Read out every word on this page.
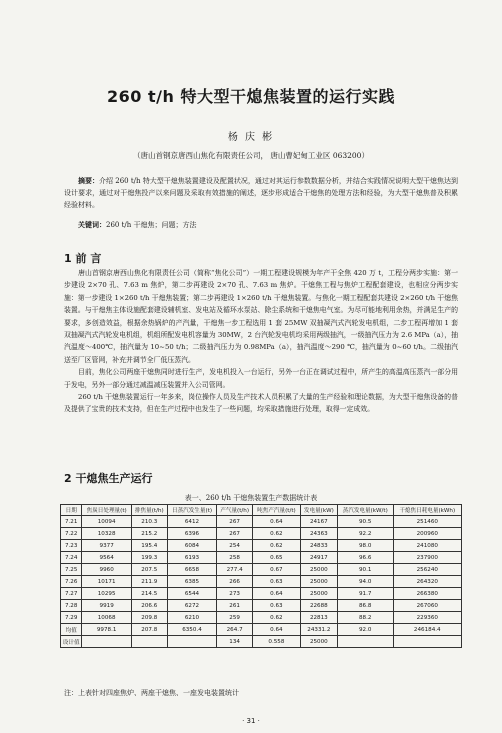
260 t/h 特大型干熄焦装置的运行实践
杨 庆 彬
（唐山首钢京唐西山焦化有限责任公司， 唐山曹妃甸工业区 063200）
摘要：介绍 260 t/h 特大型干熄焦装置建设及配置状况，通过对其运行参数数据分析，并结合实践情况说明大型干熄焦达到设计要求，通过对干熄焦投产以来问题及采取有效措施的阐述，逐步形成适合干熄焦的处理方法和经验，为大型干熄焦普及积累经验材料。
关键词：260 t/h 干熄焦；问题；方法
1 前 言

唐山首钢京唐西山焦化有限责任公司（简称“焦化公司”）一期工程建设规模为年产干全焦 420 万 t，工程分两步实施：第一步建设 2×70 孔、7.63 m 焦炉，第二步再建设 2×70 孔、7.63 m 焦炉。干熄焦工程与焦炉工程配套建设，也相应分两步实施：第一步建设 1×260 t/h 干熄焦装置；第二步再建设 1×260 t/h 干熄焦装置。与焦化一期工程配套共建设 2×260 t/h 干熄焦装置。与干熄焦主体设施配套建设辅机室、发电站及循环水泵站、除尘系统和干熄焦电气室。为尽可能地利用余热，并满足生产的要求，多创造效益，根据余热锅炉的产汽量，干熄焦一步工程选用 1 套 25MW 双抽凝汽式汽轮发电机组，二步工程再增加 1 套双抽凝汽式汽轮发电机组，机组所配发电机容量为 30MW，2 台汽轮发电机均采用两级抽汽，一级抽汽压力为 2.6 MPa（a），抽汽温度～400℃，抽汽量为 10~50 t/h；二级抽汽压力为 0.98MPa（a），抽汽温度～290 ℃，抽汽量为 0~60 t/h。二级抽汽送至厂区管网，补充并调节全厂低压蒸汽。

目前，焦化公司两座干熄焦同时进行生产，发电机投入一台运行，另外一台正在调试过程中，所产生的高温高压蒸汽一部分用于发电，另外一部分通过减温减压装置并入公司管网。

260 t/h 干熄焦装置运行一年多来，岗位操作人员及生产技术人员积累了大量的生产经验和理论数据，为大型干熄焦设备的普及提供了宝贵的技术支持，但在生产过程中也发生了一些问题，均采取措施进行处理，取得一定成效。

2 干熄焦生产运行
表一、260 t/h 干熄焦装置生产数据统计表
日期	焦炭日处理量(t)	排焦量(t/h)	日蒸汽发生量(t)	产气量(t/h)	吨焦产汽量(t/t)	发电量(kW)	蒸汽发电量(kW/t)	干熄焦日耗电量(kWh)
7.21	10094	210.3	6412	267	0.64	24167	90.5	251460
7.22	10328	215.2	6396	267	0.62	24363	92.2	200960
7.23	9377	195.4	6084	254	0.62	24833	98.0	241080
7.24	9564	199.3	6193	258	0.65	24917	96.6	237900
7.25	9960	207.5	6658	277.4	0.67	25000	90.1	256240
7.26	10171	211.9	6385	266	0.63	25000	94.0	264320
7.27	10295	214.5	6544	273	0.64	25000	91.7	266380
7.28	9919	206.6	6272	261	0.63	22688	86.8	267060
7.29	10068	209.8	6210	259	0.62	22813	88.2	229360
均值	9978.1	207.8	6350.4	264.7	0.64	24331.2	92.0	246184.4
设计值				134	0.558	25000		
注：上表针对四座焦炉、两座干熄焦、一座发电装置统计
· 31 ·
